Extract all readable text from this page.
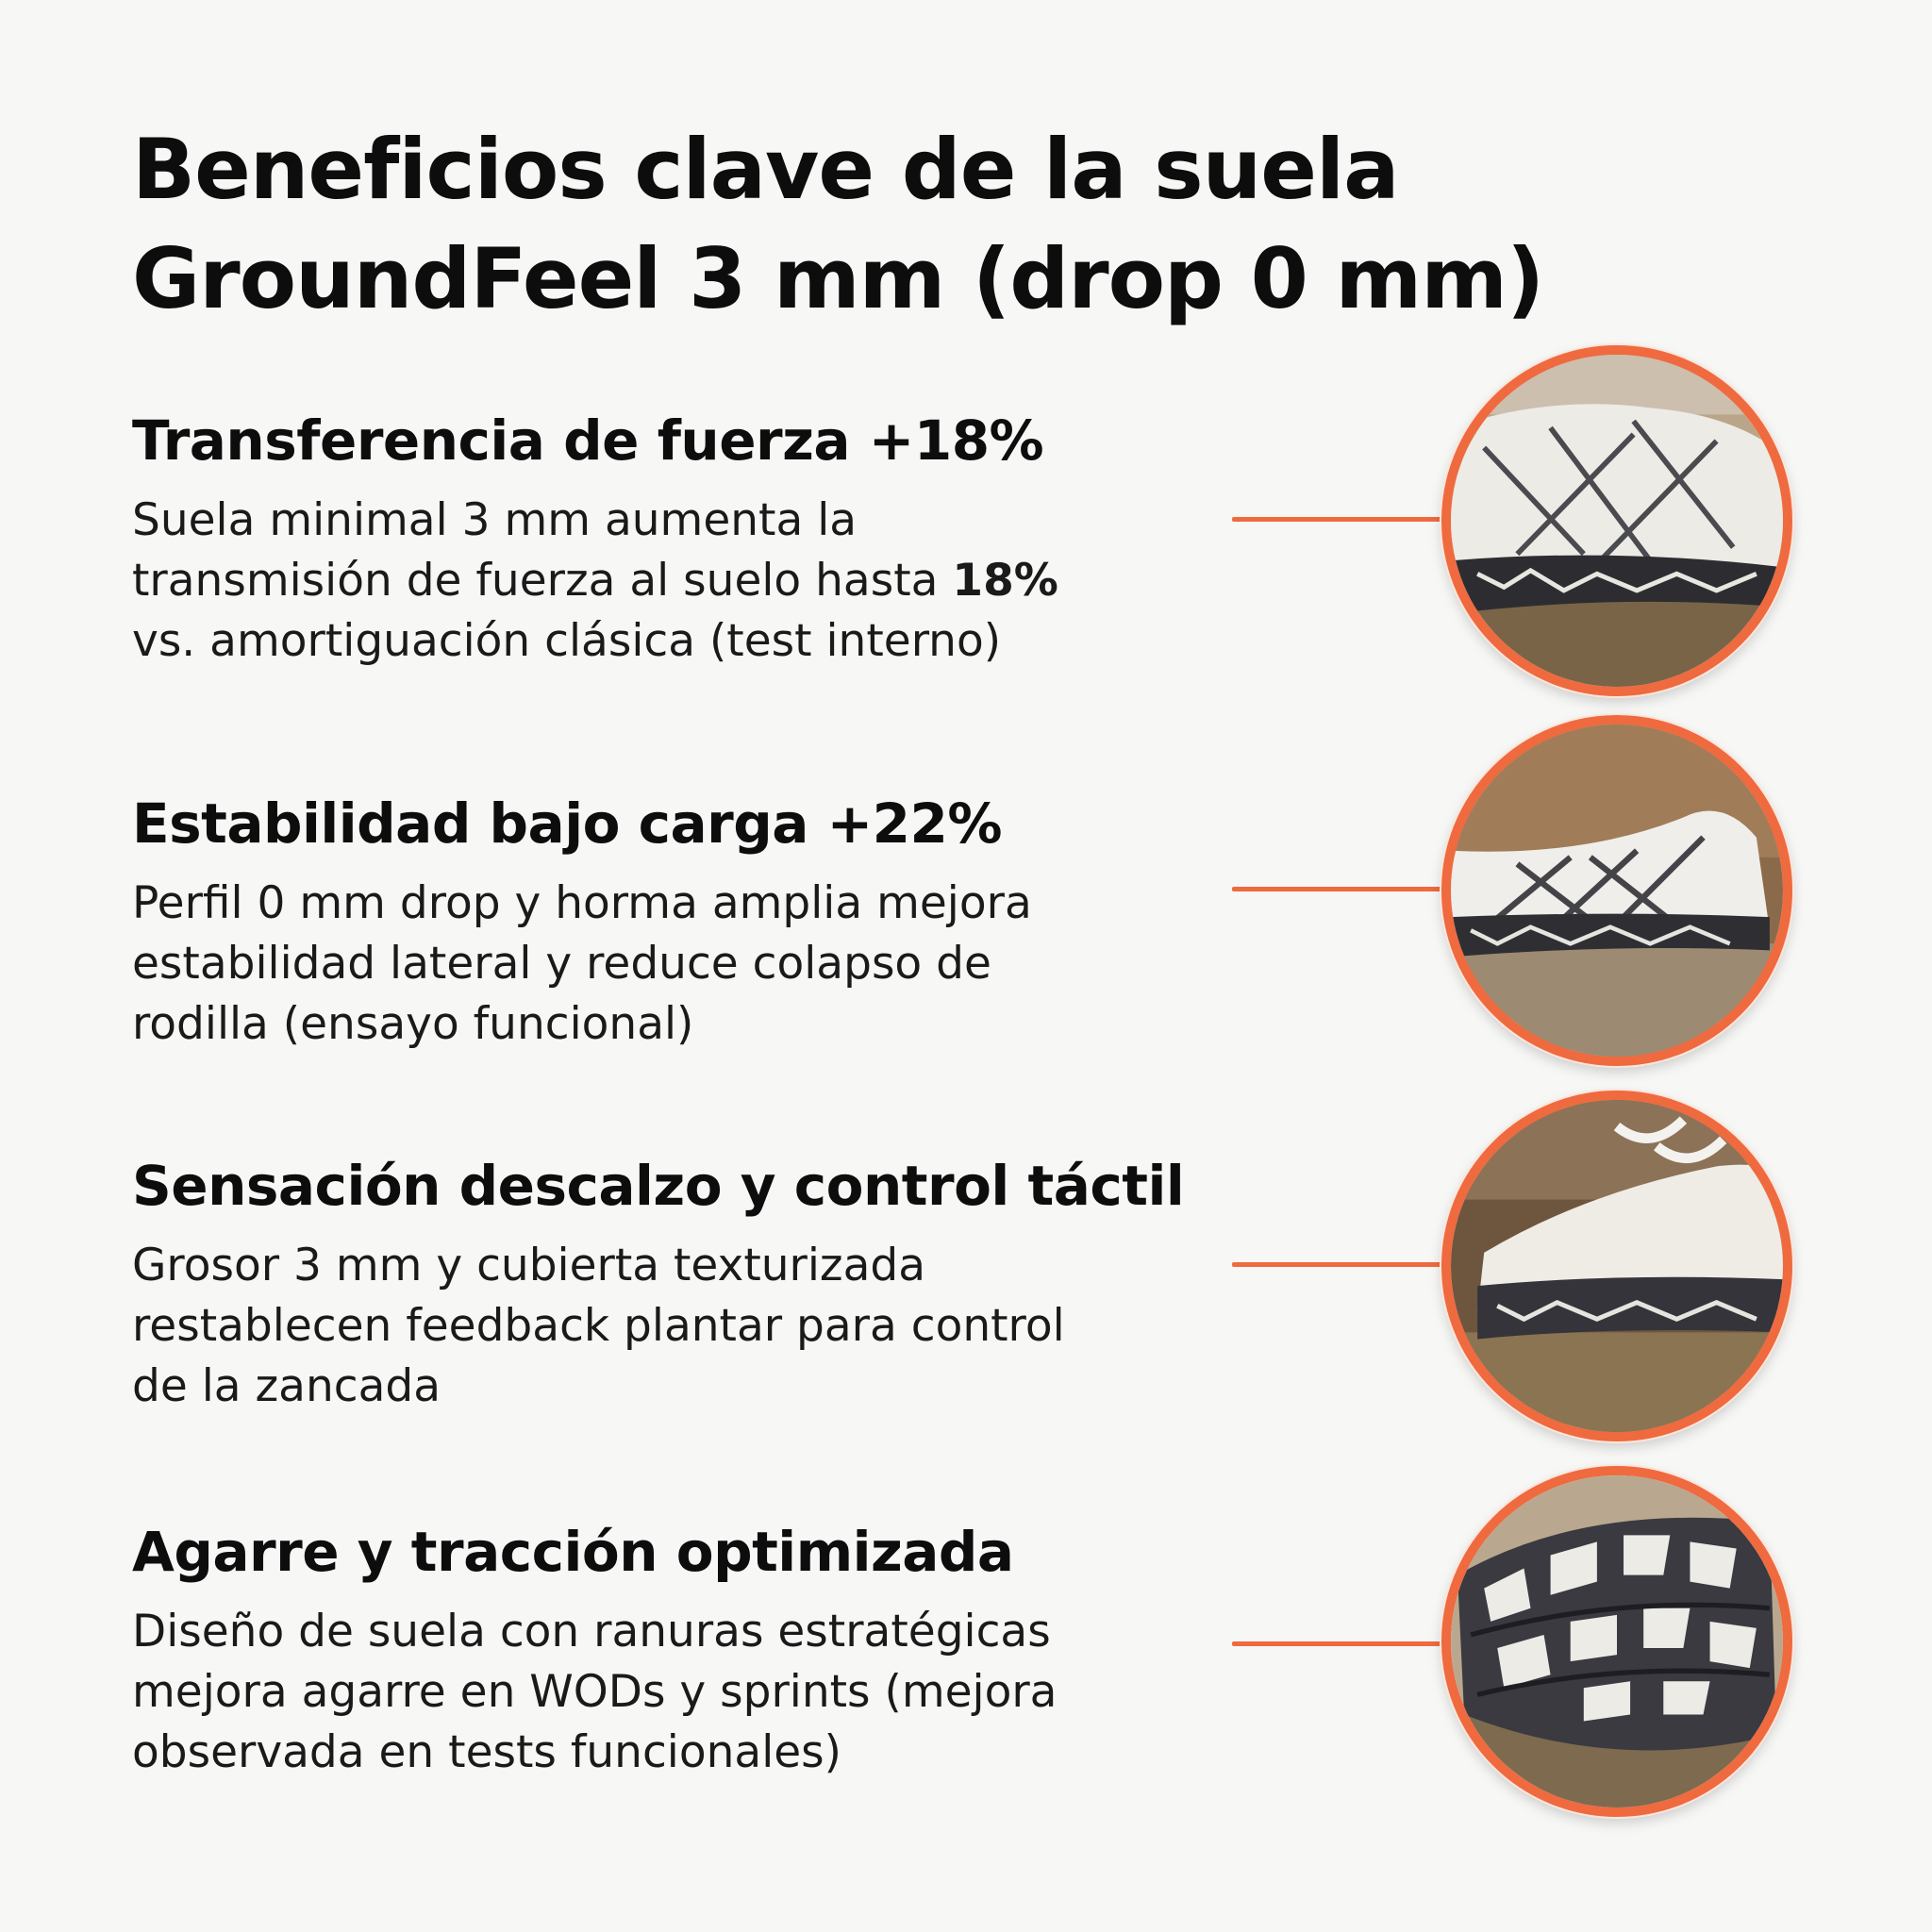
Beneficios clave de la suela
GroundFeel 3 mm (drop 0 mm)
Transferencia de fuerza +18%

Suela minimal 3 mm aumenta la
transmisión de fuerza al suelo hasta 18%
vs. amortiguación clásica (test interno)

Estabilidad bajo carga +22%

Perfil 0 mm drop y horma amplia mejora
estabilidad lateral y reduce colapso de
rodilla (ensayo funcional)

Sensación descalzo y control táctil

Grosor 3 mm y cubierta texturizada
restablecen feedback plantar para control
de la zancada

Agarre y tracción optimizada

Diseño de suela con ranuras estratégicas
mejora agarre en WODs y sprints (mejora
observada en tests funcionales)
